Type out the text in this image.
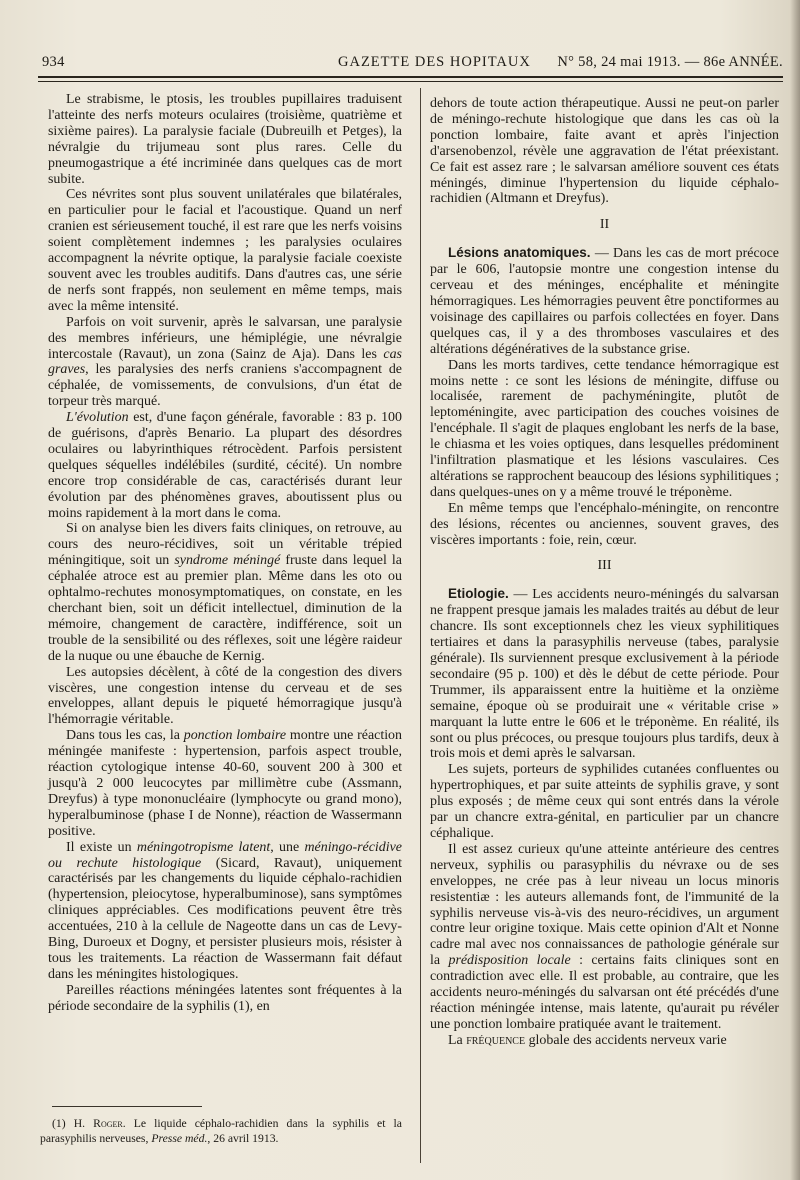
934	GAZETTE DES HOPITAUX N° 58, 24 mai 1913. — 86e ANNÉE.

Le strabisme, le ptosis, les troubles pupillaires traduisent l'atteinte des nerfs moteurs oculaires (troisième, quatrième et sixième paires). La paralysie faciale (Dubreuilh et Petges), la névralgie du trijumeau sont plus rares. Celle du pneumogastrique a été incriminée dans quelques cas de mort subite.

Ces névrites sont plus souvent unilatérales que bilatérales, en particulier pour le facial et l'acoustique. Quand un nerf cranien est sérieusement touché, il est rare que les nerfs voisins soient complètement indemnes ; les paralysies oculaires accompagnent la névrite optique, la paralysie faciale coexiste souvent avec les troubles auditifs. Dans d'autres cas, une série de nerfs sont frappés, non seulement en même temps, mais avec la même intensité.

Parfois on voit survenir, après le salvarsan, une paralysie des membres inférieurs, une hémiplégie, une névralgie intercostale (Ravaut), un zona (Sainz de Aja). Dans les cas graves, les paralysies des nerfs craniens s'accompagnent de céphalée, de vomissements, de convulsions, d'un état de torpeur très marqué.

L'évolution est, d'une façon générale, favorable : 83 p. 100 de guérisons, d'après Benario. La plupart des désordres oculaires ou labyrinthiques rétrocèdent. Parfois persistent quelques séquelles indélébiles (surdité, cécité). Un nombre encore trop considérable de cas, caractérisés durant leur évolution par des phénomènes graves, aboutissent plus ou moins rapidement à la mort dans le coma.

Si on analyse bien les divers faits cliniques, on retrouve, au cours des neuro-récidives, soit un véritable trépied méningitique, soit un syndrome méningé fruste dans lequel la céphalée atroce est au premier plan. Même dans les oto ou ophtalmo-rechutes monosymptomatiques, on constate, en les cherchant bien, soit un déficit intellectuel, diminution de la mémoire, changement de caractère, indifférence, soit un trouble de la sensibilité ou des réflexes, soit une légère raideur de la nuque ou une ébauche de Kernig.

Les autopsies décèlent, à côté de la congestion des divers viscères, une congestion intense du cerveau et de ses enveloppes, allant depuis le piqueté hémorragique jusqu'à l'hémorragie véritable.

Dans tous les cas, la ponction lombaire montre une réaction méningée manifeste : hypertension, parfois aspect trouble, réaction cytologique intense 40-60, souvent 200 à 300 et jusqu'à 2 000 leucocytes par millimètre cube (Assmann, Dreyfus) à type mononucléaire (lymphocyte ou grand mono), hyperalbuminose (phase I de Nonne), réaction de Wassermann positive.

Il existe un méningotropisme latent, une méningo-récidive ou rechute histologique (Sicard, Ravaut), uniquement caractérisés par les changements du liquide céphalo-rachidien (hypertension, pleiocytose, hyperalbuminose), sans symptômes cliniques appréciables. Ces modifications peuvent être très accentuées, 210 à la cellule de Nageotte dans un cas de Levy-Bing, Duroeux et Dogny, et persister plusieurs mois, résister à tous les traitements. La réaction de Wassermann fait défaut dans les méningites histologiques.

Pareilles réactions méningées latentes sont fréquentes à la période secondaire de la syphilis (1), en

(1) H. Roger. Le liquide céphalo-rachidien dans la syphilis et la parasyphilis nerveuses, Presse méd., 26 avril 1913.

dehors de toute action thérapeutique. Aussi ne peut-on parler de méningo-rechute histologique que dans les cas où la ponction lombaire, faite avant et après l'injection d'arsenobenzol, révèle une aggravation de l'état préexistant. Ce fait est assez rare ; le salvarsan améliore souvent ces états méningés, diminue l'hypertension du liquide céphalo-rachidien (Altmann et Dreyfus).

II

Lésions anatomiques. — Dans les cas de mort précoce par le 606, l'autopsie montre une congestion intense du cerveau et des méninges, encéphalite et méningite hémorragiques. Les hémorragies peuvent être ponctiformes au voisinage des capillaires ou parfois collectées en foyer. Dans quelques cas, il y a des thromboses vasculaires et des altérations dégénératives de la substance grise.

Dans les morts tardives, cette tendance hémorragique est moins nette : ce sont les lésions de méningite, diffuse ou localisée, rarement de pachyméningite, plutôt de leptoméningite, avec participation des couches voisines de l'encéphale. Il s'agit de plaques englobant les nerfs de la base, le chiasma et les voies optiques, dans lesquelles prédominent l'infiltration plasmatique et les lésions vasculaires. Ces altérations se rapprochent beaucoup des lésions syphilitiques ; dans quelques-unes on y a même trouvé le tréponème.

En même temps que l'encéphalo-méningite, on rencontre des lésions, récentes ou anciennes, souvent graves, des viscères importants : foie, rein, cœur.

III

Etiologie. — Les accidents neuro-méningés du salvarsan ne frappent presque jamais les malades traités au début de leur chancre. Ils sont exceptionnels chez les vieux syphilitiques tertiaires et dans la parasyphilis nerveuse (tabes, paralysie générale). Ils surviennent presque exclusivement à la période secondaire (95 p. 100) et dès le début de cette période. Pour Trummer, ils apparaissent entre la huitième et la onzième semaine, époque où se produirait une « véritable crise » marquant la lutte entre le 606 et le tréponème. En réalité, ils sont ou plus précoces, ou presque toujours plus tardifs, deux à trois mois et demi après le salvarsan.

Les sujets, porteurs de syphilides cutanées confluentes ou hypertrophiques, et par suite atteints de syphilis grave, y sont plus exposés ; de même ceux qui sont entrés dans la vérole par un chancre extra-génital, en particulier par un chancre céphalique.

Il est assez curieux qu'une atteinte antérieure des centres nerveux, syphilis ou parasyphilis du névraxe ou de ses enveloppes, ne crée pas à leur niveau un locus minoris resistentiæ : les auteurs allemands font, de l'immunité de la syphilis nerveuse vis-à-vis des neuro-récidives, un argument contre leur origine toxique. Mais cette opinion d'Alt et Nonne cadre mal avec nos connaissances de pathologie générale sur la prédisposition locale : certains faits cliniques sont en contradiction avec elle. Il est probable, au contraire, que les accidents neuro-méningés du salvarsan ont été précédés d'une réaction méningée intense, mais latente, qu'aurait pu révéler une ponction lombaire pratiquée avant le traitement.

La fréquence globale des accidents nerveux varie
